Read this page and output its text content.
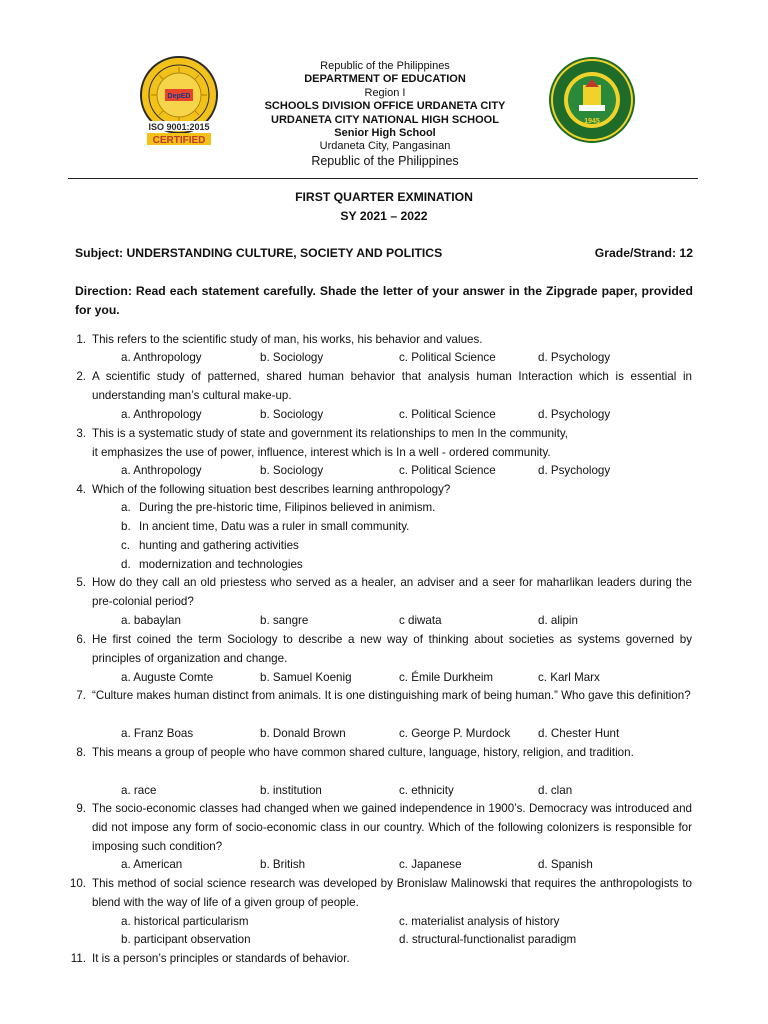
DepED
ISO 9001:2015
CERTIFIED
Republic of the Philippines
DEPARTMENT OF EDUCATION
Region I
SCHOOLS DIVISION OFFICE URDANETA CITY
URDANETA CITY NATIONAL HIGH SCHOOL
Senior High School
Urdaneta City, Pangasinan
Republic of the Philippines
1945
FIRST QUARTER EXMINATION
SY 2021 – 2022
Subject: UNDERSTANDING CULTURE, SOCIETY AND POLITICS	Grade/Strand: 12
Direction: Read each statement carefully. Shade the letter of your answer in the Zipgrade paper, provided for you.
1. This refers to the scientific study of man, his works, his behavior and values.
a. Anthropology	b. Sociology	c. Political Science	d. Psychology
2. A scientific study of patterned, shared human behavior that analysis human Interaction which is essential in understanding man’s cultural make-up.
a. Anthropology	b. Sociology	c. Political Science	d. Psychology
3. This is a systematic study of state and government its relationships to men In the community,
it emphasizes the use of power, influence, interest which is In a well - ordered community.
a. Anthropology	b. Sociology	c. Political Science	d. Psychology
4. Which of the following situation best describes learning anthropology?
a. During the pre-historic time, Filipinos believed in animism.
b. In ancient time, Datu was a ruler in small community.
c. hunting and gathering activities
d. modernization and technologies
5. How do they call an old priestess who served as a healer, an adviser and a seer for maharlikan leaders during the pre-colonial period?
a. babaylan	b. sangre	c diwata	d. alipin
6. He first coined the term Sociology to describe a new way of thinking about societies as systems governed by principles of organization and change.
a. Auguste Comte	b. Samuel Koenig	c. Émile Durkheim	c. Karl Marx
7. “Culture makes human distinct from animals. It is one distinguishing mark of being human.” Who gave this definition?
a. Franz Boas	b. Donald Brown	c. George P. Murdock d. Chester Hunt
8. This means a group of people who have common shared culture, language, history, religion, and tradition.
a. race	b. institution	c. ethnicity	d. clan
9. The socio-economic classes had changed when we gained independence in 1900’s. Democracy was introduced and did not impose any form of socio-economic class in our country. Which of the following colonizers is responsible for imposing such condition?
a. American	b. British	c. Japanese	d. Spanish
10. This method of social science research was developed by Bronislaw Malinowski that requires the anthropologists to blend with the way of life of a given group of people.
a. historical particularism	c. materialist analysis of history
b. participant observation	d. structural-functionalist paradigm
11. It is a person’s principles or standards of behavior.
